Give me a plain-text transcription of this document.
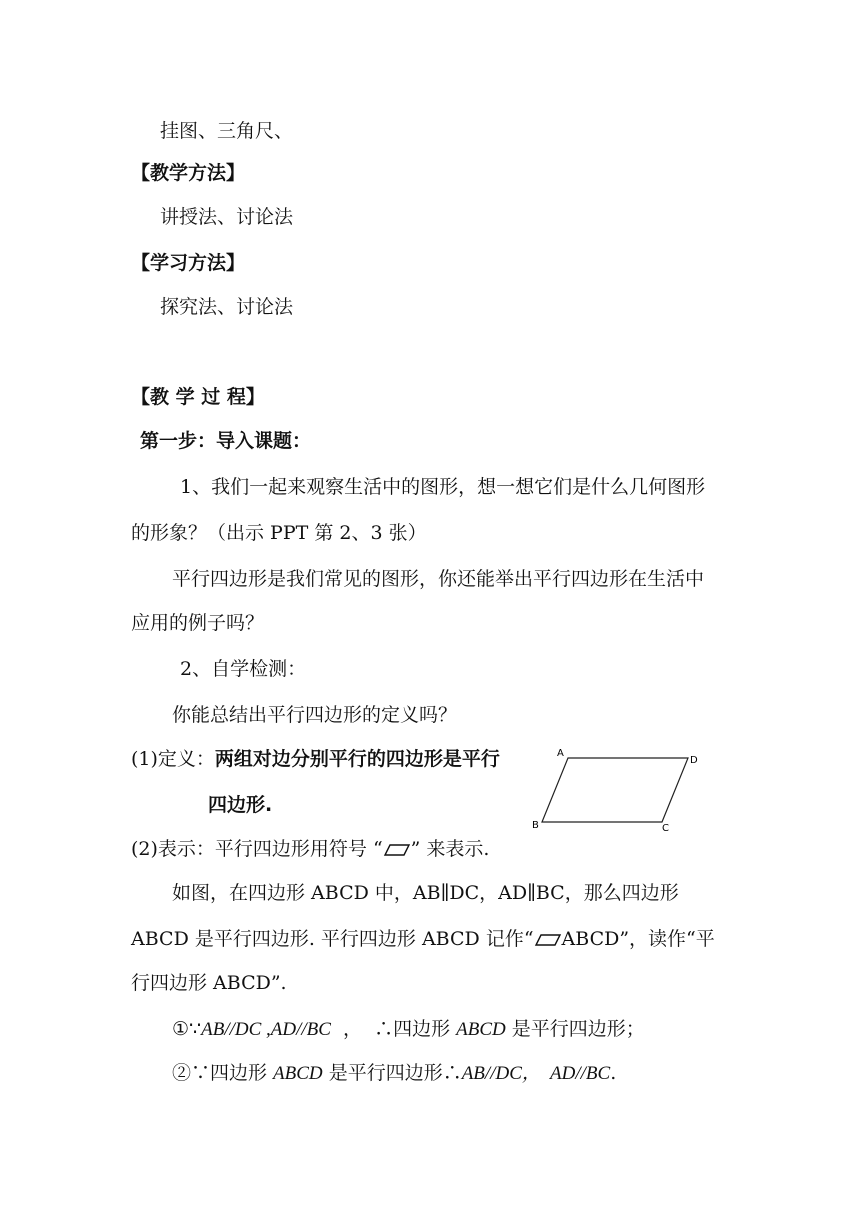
挂图、三角尺、
【教学方法】
讲授法、讨论法
【学习方法】
探究法、讨论法
【教 学 过 程】
第一步：导入课题：
1、我们一起来观察生活中的图形，想一想它们是什么几何图形
的形象？（出示 PPT 第 2、3 张）
平行四边形是我们常见的图形，你还能举出平行四边形在生活中
应用的例子吗？
2、自学检测：
你能总结出平行四边形的定义吗？
(1)定义：两组对边分别平行的四边形是平行
四边形.
(2)表示：平行四边形用符号 “ ” 来表示.
A
D
B	C
如图，在四边形 ABCD 中，AB∥DC，AD∥BC，那么四边形
ABCD 是平行四边形. 平行四边形 ABCD 记作“ ABCD”，读作“平
行四边形 ABCD”.
①∵AB//DC ,AD//BC  ，  ∴四边形 ABCD 是平行四边形；
②∵四边形 ABCD 是平行四边形∴AB//DC，  AD//BC.
